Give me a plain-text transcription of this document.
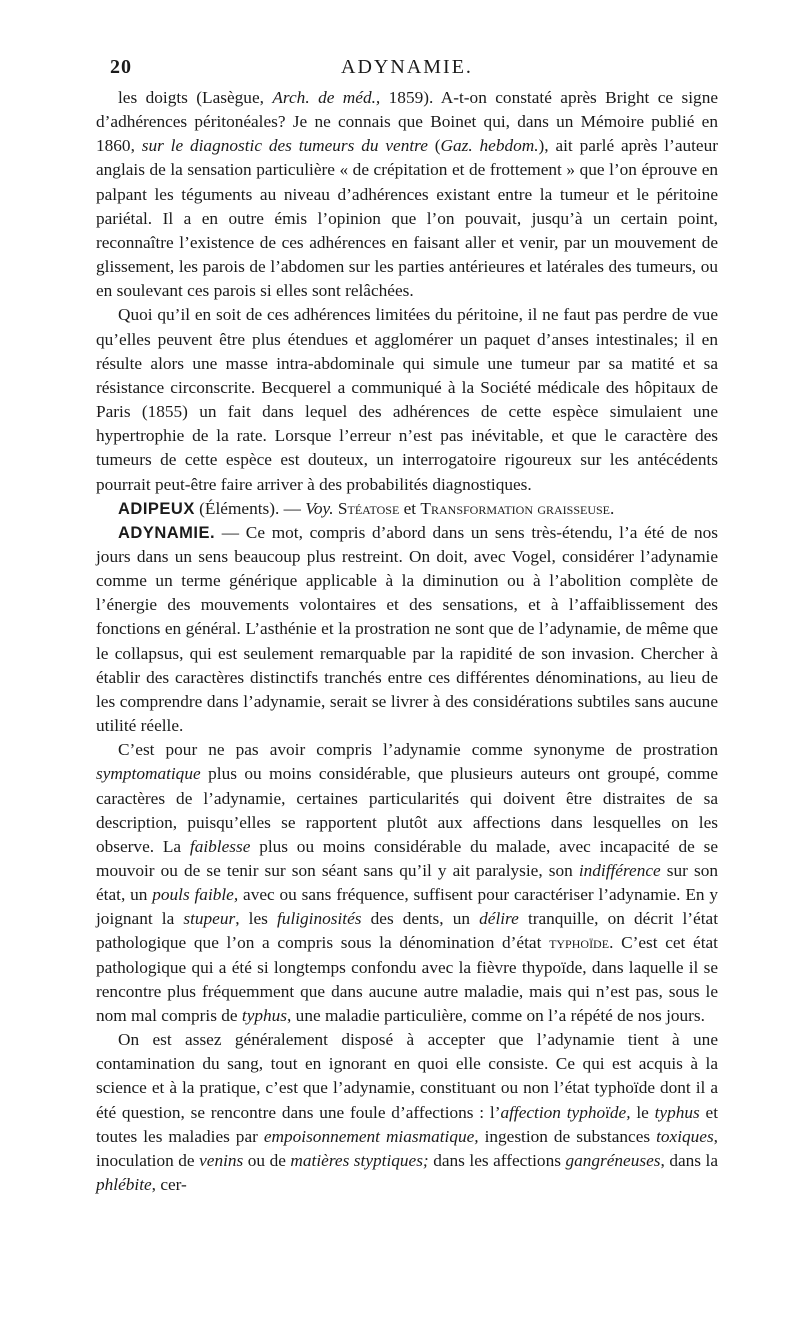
20	ADYNAMIE.

les doigts (Lasègue, Arch. de méd., 1859). A-t-on constaté après Bright ce signe d’adhérences péritonéales? Je ne connais que Boinet qui, dans un Mémoire publié en 1860, sur le diagnostic des tumeurs du ventre (Gaz. hebdom.), ait parlé après l’auteur anglais de la sensation particulière « de crépitation et de frottement » que l’on éprouve en palpant les téguments au niveau d’adhérences existant entre la tumeur et le péritoine pariétal. Il a en outre émis l’opinion que l’on pouvait, jusqu’à un certain point, reconnaître l’existence de ces adhérences en faisant aller et venir, par un mouvement de glissement, les parois de l’abdomen sur les parties antérieures et latérales des tumeurs, ou en soulevant ces parois si elles sont relâchées.

Quoi qu’il en soit de ces adhérences limitées du péritoine, il ne faut pas perdre de vue qu’elles peuvent être plus étendues et agglomérer un paquet d’anses intestinales; il en résulte alors une masse intra-abdominale qui simule une tumeur par sa matité et sa résistance circonscrite. Becquerel a communiqué à la Société médicale des hôpitaux de Paris (1855) un fait dans lequel des adhérences de cette espèce simulaient une hypertrophie de la rate. Lorsque l’erreur n’est pas inévitable, et que le caractère des tumeurs de cette espèce est douteux, un interrogatoire rigoureux sur les antécédents pourrait peut-être faire arriver à des probabilités diagnostiques.

ADIPEUX (Éléments). — Voy. Stéatose et Transformation graisseuse.

ADYNAMIE. — Ce mot, compris d’abord dans un sens très-étendu, l’a été de nos jours dans un sens beaucoup plus restreint. On doit, avec Vogel, considérer l’adynamie comme un terme générique applicable à la diminution ou à l’abolition complète de l’énergie des mouvements volontaires et des sensations, et à l’affaiblissement des fonctions en général. L’asthénie et la prostration ne sont que de l’adynamie, de même que le collapsus, qui est seulement remarquable par la rapidité de son invasion. Chercher à établir des caractères distinctifs tranchés entre ces différentes dénominations, au lieu de les comprendre dans l’adynamie, serait se livrer à des considérations subtiles sans aucune utilité réelle.

C’est pour ne pas avoir compris l’adynamie comme synonyme de prostration symptomatique plus ou moins considérable, que plusieurs auteurs ont groupé, comme caractères de l’adynamie, certaines particularités qui doivent être distraites de sa description, puisqu’elles se rapportent plutôt aux affections dans lesquelles on les observe. La faiblesse plus ou moins considérable du malade, avec incapacité de se mouvoir ou de se tenir sur son séant sans qu’il y ait paralysie, son indifférence sur son état, un pouls faible, avec ou sans fréquence, suffisent pour caractériser l’adynamie. En y joignant la stupeur, les fuliginosités des dents, un délire tranquille, on décrit l’état pathologique que l’on a compris sous la dénomination d’état typhoïde. C’est cet état pathologique qui a été si longtemps confondu avec la fièvre thypoïde, dans laquelle il se rencontre plus fréquemment que dans aucune autre maladie, mais qui n’est pas, sous le nom mal compris de typhus, une maladie particulière, comme on l’a répété de nos jours.

On est assez généralement disposé à accepter que l’adynamie tient à une contamination du sang, tout en ignorant en quoi elle consiste. Ce qui est acquis à la science et à la pratique, c’est que l’adynamie, constituant ou non l’état typhoïde dont il a été question, se rencontre dans une foule d’affections : l’affection typhoïde, le typhus et toutes les maladies par empoisonnement miasmatique, ingestion de substances toxiques, inoculation de venins ou de matières styptiques; dans les affections gangréneuses, dans la phlébite, cer-
